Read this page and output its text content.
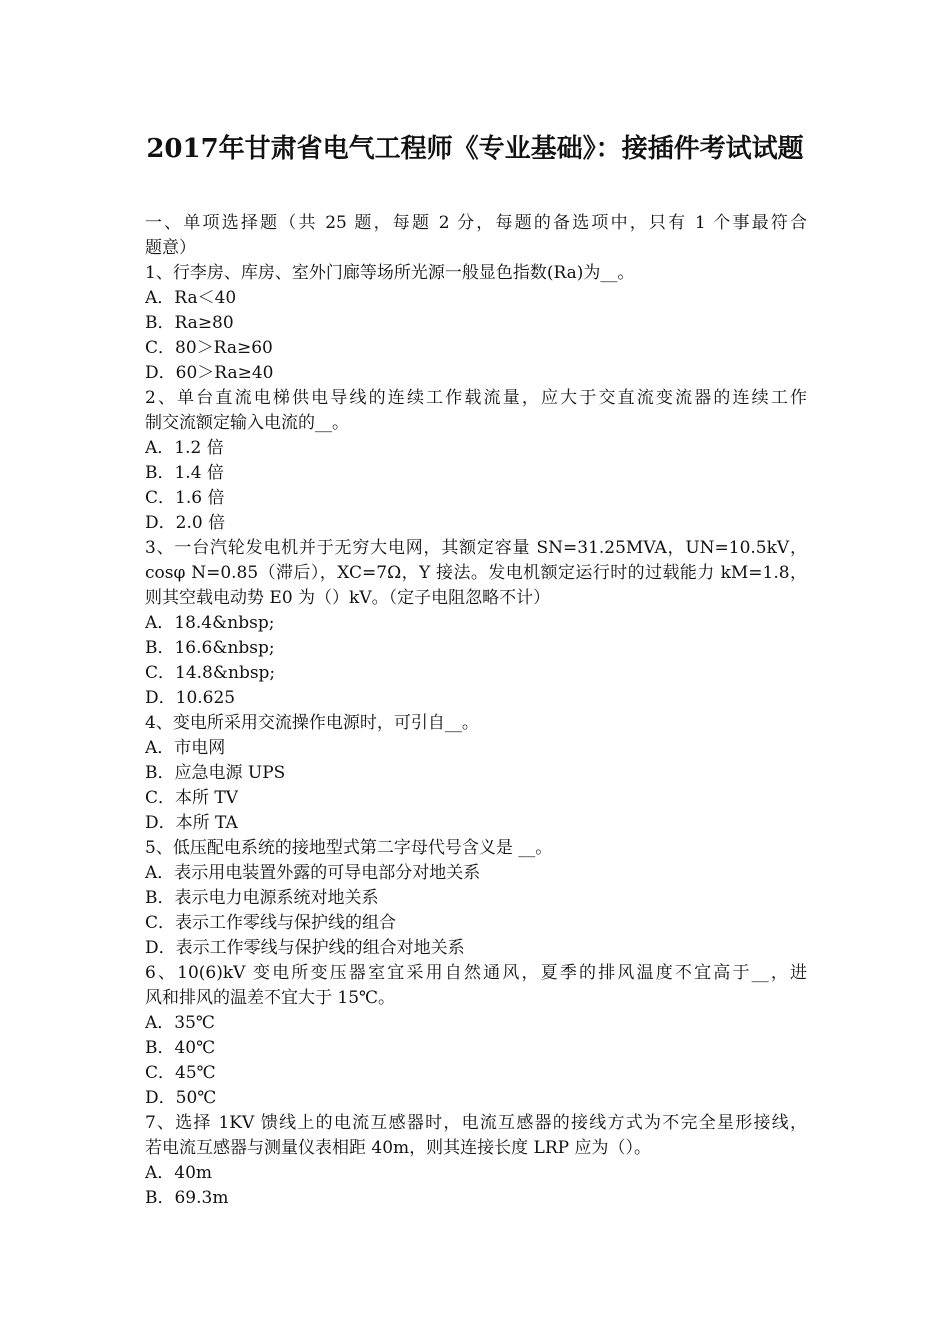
2017年甘肃省电气工程师《专业基础》：接插件考试试题
一、单项选择题（共 25 题，每题 2 分，每题的备选项中，只有 1 个事最符合
题意）
1、行李房、库房、室外门廊等场所光源一般显色指数(Ra)为__。
A．Ra＜40
B．Ra≥80
C．80＞Ra≥60
D．60＞Ra≥40
2、单台直流电梯供电导线的连续工作载流量，应大于交直流变流器的连续工作
制交流额定输入电流的__。
A．1.2 倍
B．1.4 倍
C．1.6 倍
D．2.0 倍
3、一台汽轮发电机并于无穷大电网，其额定容量 SN=31.25MVA，UN=10.5kV，
cosφ N=0.85（滞后），XC=7Ω，Y 接法。发电机额定运行时的过载能力 kM=1.8，
则其空载电动势 E0 为（）kV。（定子电阻忽略不计）
A．18.4&nbsp;
B．16.6&nbsp;
C．14.8&nbsp;
D．10.625
4、变电所采用交流操作电源时，可引自__。
A．市电网
B．应急电源 UPS
C．本所 TV
D．本所 TA
5、低压配电系统的接地型式第二字母代号含义是 __。
A．表示用电装置外露的可导电部分对地关系
B．表示电力电源系统对地关系
C．表示工作零线与保护线的组合
D．表示工作零线与保护线的组合对地关系
6、10(6)kV 变电所变压器室宜采用自然通风，夏季的排风温度不宜高于__，进
风和排风的温差不宜大于 15℃。
A．35℃
B．40℃
C．45℃
D．50℃
7、选择 1KV 馈线上的电流互感器时，电流互感器的接线方式为不完全星形接线，
若电流互感器与测量仪表相距 40m，则其连接长度 LRP 应为（）。
A．40m
B．69.3m
